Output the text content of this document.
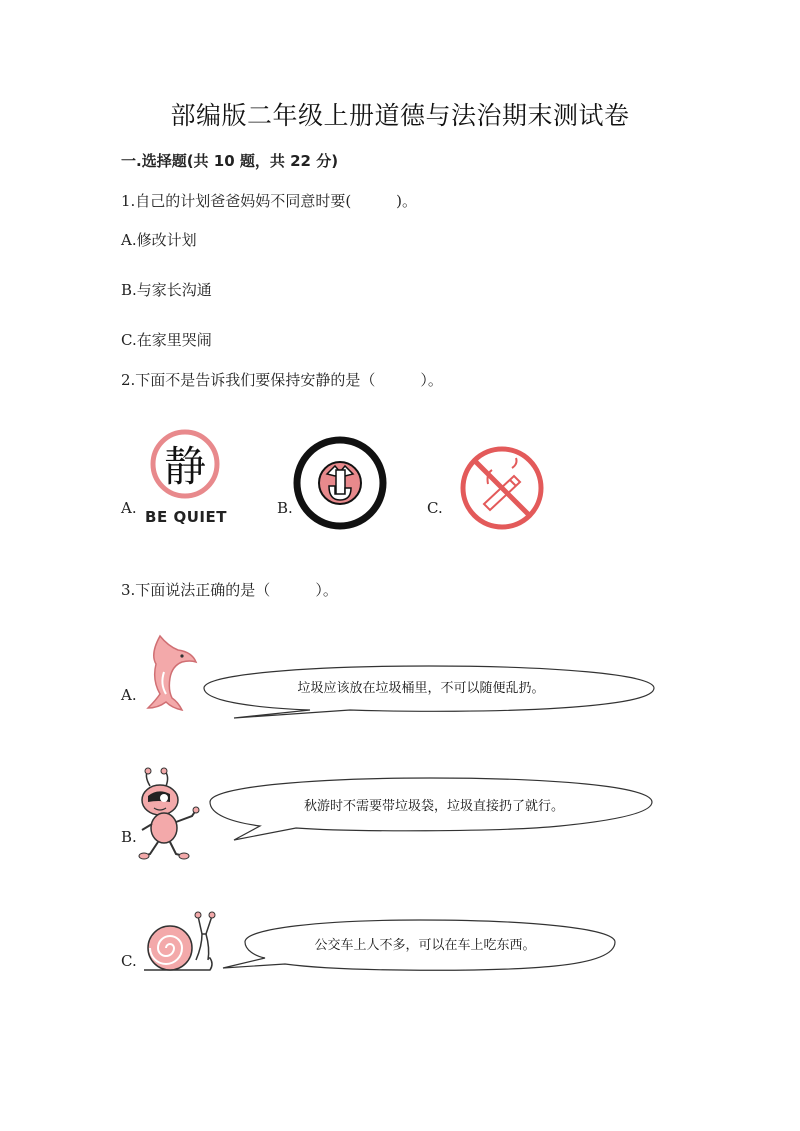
部编版二年级上册道德与法治期末测试卷
一.选择题(共 10 题，共 22 分)
1.自己的计划爸爸妈妈不同意时要(　　　)。
A.修改计划
B.与家长沟通
C.在家里哭闹
2.下面不是告诉我们要保持安静的是（　　　）。
A.
静
BE QUIET	B.	C.
3.下面说法正确的是（　　　）。
A.	垃圾应该放在垃圾桶里，不可以随便乱扔。
B.
秋游时不需要带垃圾袋，垃圾直接扔了就行。
C.
公交车上人不多，可以在车上吃东西。
